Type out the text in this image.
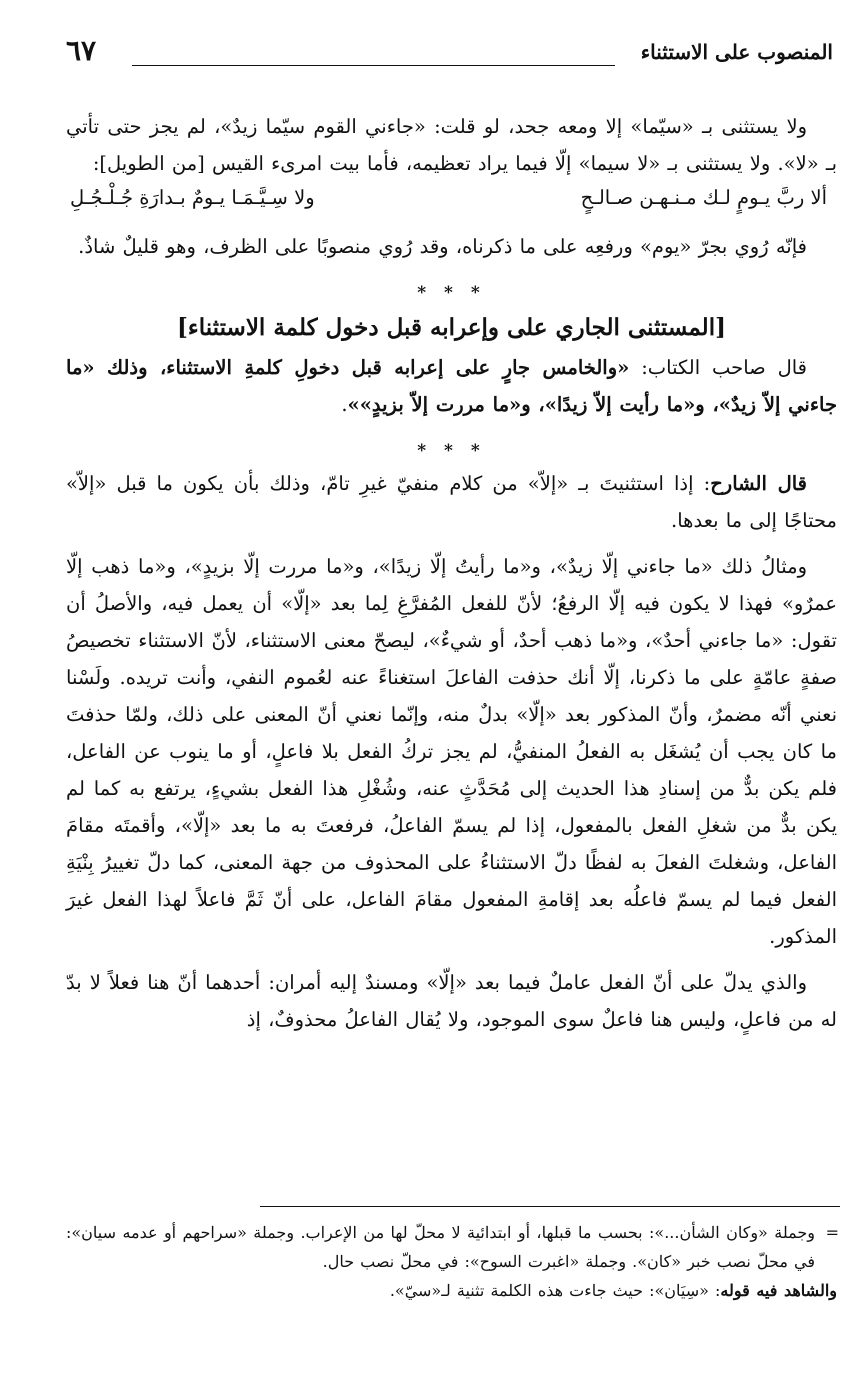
المنصوب على الاستثناء
٦٧

ولا يستثنى بـ «سيّما» إلا ومعه جحد، لو قلت: «جاءني القوم سيّما زيدٌ»، لم يجز حتى تأتي بـ «لا». ولا يستثنى بـ «لا سيما» إلّا فيما يراد تعظيمه، فأما بيت امرىء القيس [من الطويل]:

ألا ربَّ يـومٍ لـك مـنـهـن صـالـحٍ
ولا سِـيَّـمَـا يـومٌ بـدارَةِ جُـلْـجُـلِ

فإنّه رُوي بجرّ «يوم» ورفعِه على ما ذكرناه، وقد رُوي منصوبًا على الظرف، وهو قليلٌ شاذٌ.

* * *
[المستثنى الجاري على وإعرابه قبل دخول كلمة الاستثناء]

قال صاحب الكتاب: «والخامس جارٍ على إعرابه قبل دخولِ كلمةِ الاستثناء، وذلك «ما جاءني إلاّ زيدٌ»، و«ما رأيت إلاّ زيدًا»، و«ما مررت إلاّ بزيدٍ»».

* * *

قال الشارح: إذا استثنيتَ بـ «إلاّ» من كلام منفيّ غيرِ تامّ، وذلك بأن يكون ما قبل «إلاّ» محتاجًا إلى ما بعدها.

ومثالُ ذلك «ما جاءني إلّا زيدٌ»، و«ما رأيتُ إلّا زيدًا»، و«ما مررت إلّا بزيدٍ»، و«ما ذهب إلّا عمرٌو» فهذا لا يكون فيه إلّا الرفعُ؛ لأنّ للفعل المُفرَّغِ لِما بعد «إلّا» أن يعمل فيه، والأصلُ أن تقول: «ما جاءني أحدٌ»، و«ما ذهب أحدٌ، أو شيءٌ»، ليصحّ معنى الاستثناء، لأنّ الاستثناء تخصيصُ صفةٍ عامّةٍ على ما ذكرنا، إلّا أنك حذفت الفاعلَ استغناءً عنه لعُموم النفي، وأنت تريده. ولَسْنا نعني أنّه مضمرٌ، وأنّ المذكور بعد «إلّا» بدلٌ منه، وإنّما نعني أنّ المعنى على ذلك، ولمّا حذفتَ ما كان يجب أن يُشغَل به الفعلُ المنفيُّ، لم يجز تركُ الفعل بلا فاعلٍ، أو ما ينوب عن الفاعل، فلم يكن بدٌّ من إسنادِ هذا الحديث إلى مُحَدَّثٍ عنه، وشُغْلِ هذا الفعل بشيءٍ، يرتفع به كما لم يكن بدٌّ من شغلِ الفعل بالمفعول، إذا لم يسمّ الفاعلُ، فرفعتَ به ما بعد «إلّا»، وأقمتَه مقامَ الفاعل، وشغلتَ الفعلَ به لفظًا دلّ الاستثناءُ على المحذوف من جهة المعنى، كما دلّ تغييرُ بِنْيَةِ الفعل فيما لم يسمّ فاعلُه بعد إقامةِ المفعول مقامَ الفاعل، على أنّ ثَمَّ فاعلاً لهذا الفعل غيرَ المذكور.

والذي يدلّ على أنّ الفعل عاملٌ فيما بعد «إلّا» ومسندٌ إليه أمران: أحدهما أنّ هنا فعلاً لا بدّ له من فاعلٍ، وليس هنا فاعلٌ سوى الموجود، ولا يُقال الفاعلُ محذوفٌ، إذ

=

وجملة «وكان الشأن...»: بحسب ما قبلها، أو ابتدائية لا محلّ لها من الإعراب. وجملة «سراحهم أو عدمه سيان»: في محلّ نصب خبر «كان». وجملة «اغبرت السوح»: في محلّ نصب حال.

والشاهد فيه قوله: «سِيَان»: حيث جاءت هذه الكلمة تثنية لـ«سيّ».
